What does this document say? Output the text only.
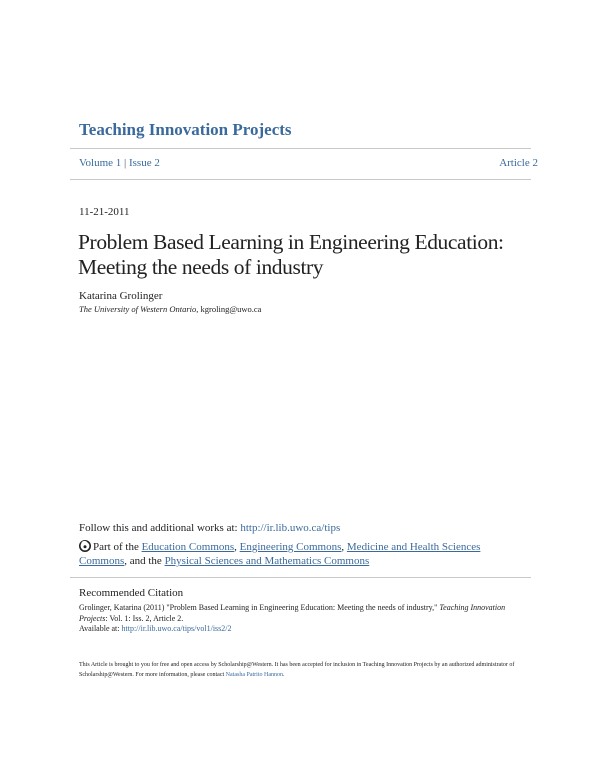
Teaching Innovation Projects
Volume 1 | Issue 2	Article 2
11-21-2011
Problem Based Learning in Engineering Education: Meeting the needs of industry
Katarina Grolinger
The University of Western Ontario, kgroling@uwo.ca
Follow this and additional works at: http://ir.lib.uwo.ca/tips
Part of the Education Commons, Engineering Commons, Medicine and Health Sciences Commons, and the Physical Sciences and Mathematics Commons
Recommended Citation
Grolinger, Katarina (2011) "Problem Based Learning in Engineering Education: Meeting the needs of industry," Teaching Innovation Projects: Vol. 1: Iss. 2, Article 2.
Available at: http://ir.lib.uwo.ca/tips/vol1/iss2/2
This Article is brought to you for free and open access by Scholarship@Western. It has been accepted for inclusion in Teaching Innovation Projects by an authorized administrator of Scholarship@Western. For more information, please contact Natasha Patrito Hannon.
